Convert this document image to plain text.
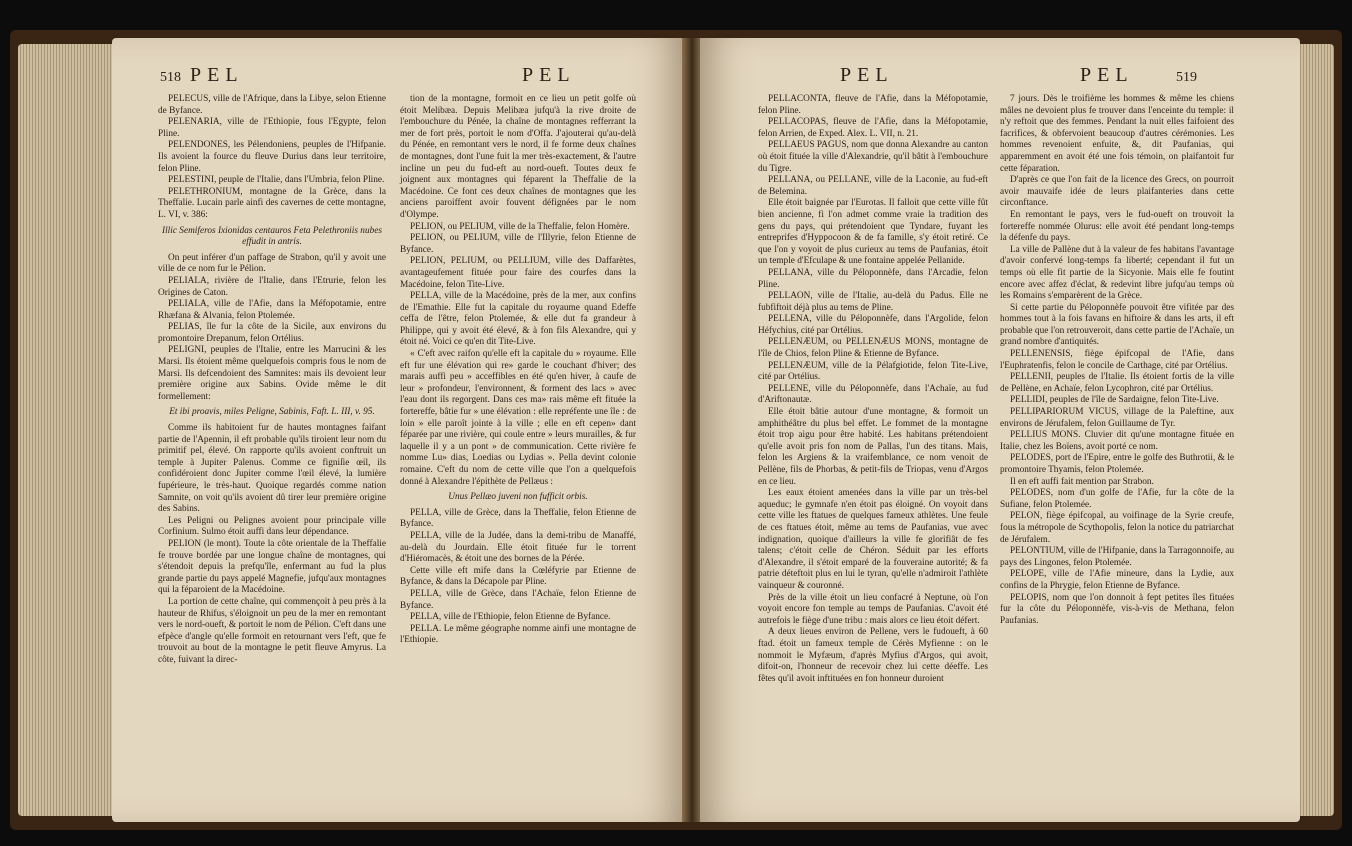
518 PEL	PEL

PELECUS, ville de l'Afrique, dans la Libye, selon Etienne de Byfance.

PELENARIA, ville de l'Ethiopie, fous l'Egypte, felon Pline.

PELENDONES, les Pélendoniens, peuples de l'Hifpanie. Ils avoient la fource du fleuve Durius dans leur territoire, felon Pline.

PELESTINI, peuple de l'Italie, dans l'Umbria, felon Pline.

PELETHRONIUM, montagne de la Grèce, dans la Theffalie. Lucain parle ainfi des cavernes de cette montagne, L. VI, v. 386:

Illic Semiferos Ixionidas centauros Feta Pelethroniis nubes effudit in antris.

On peut inférer d'un paffage de Strabon, qu'il y avoit une ville de ce nom fur le Pélion.

PELIALA, rivière de l'Italie, dans l'Etrurie, felon les Origines de Caton.

PELIALA, ville de l'Afie, dans la Méfopotamie, entre Rhæfana & Alvania, felon Ptolemée.

PELIAS, île fur la côte de la Sicile, aux environs du promontoire Drepanum, felon Ortélius.

PELIGNI, peuples de l'Italie, entre les Marrucini & les Marsi. Ils étoient même quelquefois compris fous le nom de Marsi. Ils defcendoient des Samnites: mais ils devoient leur première origine aux Sabins. Ovide même le dit formellement:

Et ibi proavis, miles Peligne, Sabinis, Faft. L. III, v. 95.

Comme ils habitoient fur de hautes montagnes faifant partie de l'Apennin, il eft probable qu'ils tiroient leur nom du primitif pel, élevé. On rapporte qu'ils avoient conftruit un temple à Jupiter Palenus. Comme ce figniſie œil, ils confidéroient donc Jupiter comme l'œil élevé, la lumière fupérieure, le très-haut. Quoique regardés comme nation Samnite, on voit qu'ils avoient dû tirer leur première origine des Sabins.

Les Peligni ou Pelignes avoient pour principale ville Corfinium. Sulmo étoit auffi dans leur dépendance.

PELION (le mont). Toute la côte orientale de la Theffalie fe trouve bordée par une longue chaîne de montagnes, qui s'étendoit depuis la prefqu'île, enfermant au fud la plus grande partie du pays appelé Magnefie, jufqu'aux montagnes qui la féparoient de la Macédoine.

La portion de cette chaîne, qui commençoit à peu près à la hauteur de Rhifus, s'éloignoit un peu de la mer en remontant vers le nord-oueft, & portoit le nom de Pélion. C'eft dans une efpèce d'angle qu'elle formoit en retournant vers l'eft, que fe trouvoit au bout de la montagne le petit fleuve Amyrus. La côte, fuivant la direc-

tion de la montagne, formoit en ce lieu un petit golfe où étoit Melibæa. Depuis Melibæa jufqu'à la rive droite de l'embouchure du Pénée, la chaîne de montagnes refferrant la mer de fort près, portoit le nom d'Offa. J'ajouterai qu'au-delà du Pénée, en remontant vers le nord, il fe forme deux chaînes de montagnes, dont l'une fuit la mer très-exactement, & l'autre incline un peu du fud-eft au nord-oueft. Toutes deux fe joignent aux montagnes qui féparent la Theffalie de la Macédoine. Ce font ces deux chaînes de montagnes que les anciens paroiffent avoir fouvent défignées par le nom d'Olympe.

PELION, ou PELIUM, ville de la Theffalie, felon Homère.

PELION, ou PELIUM, ville de l'Illyrie, felon Etienne de Byfance.

PELION, PELIUM, ou PELLIUM, ville des Daffarètes, avantageufement fituée pour faire des courfes dans la Macédoine, felon Tite-Live.

PELLA, ville de la Macédoine, près de la mer, aux confins de l'Emathie. Elle fut la capitale du royaume quand Edeffe ceffa de l'être, felon Ptolemée, & elle dut fa grandeur à Philippe, qui y avoit été élevé, & à fon fils Alexandre, qui y étoit né. Voici ce qu'en dit Tite-Live.

« C'eft avec raifon qu'elle eft la capitale du » royaume. Elle eft fur une élévation qui re» garde le couchant d'hiver; des marais auffi peu » acceffibles en été qu'en hiver, à caufe de leur » profondeur, l'environnent, & forment des lacs » avec l'eau dont ils regorgent. Dans ces ma» rais même eft fituée la fortereffe, bâtie fur » une élévation : elle repréfente une île : de loin » elle paroît jointe à la ville ; elle en eft cepen» dant féparée par une rivière, qui coule entre » leurs murailles, & fur laquelle il y a un pont » de communication. Cette rivière fe nomme Lu» dias, Loedias ou Lydias ». Pella devint colonie romaine. C'eft du nom de cette ville que l'on a quelquefois donné à Alexandre l'épithète de Pellæus :

Unus Pellæo juveni non fufficit orbis.

PELLA, ville de Grèce, dans la Theffalie, felon Etienne de Byfance.

PELLA, ville de la Judée, dans la demi-tribu de Manaffé, au-delà du Jourdain. Elle étoit fituée fur le torrent d'Hiéromacès, & étoit une des bornes de la Pérée.

Cette ville eft mife dans la Cœléfyrie par Etienne de Byfance, & dans la Décapole par Pline.

PELLA, ville de Grèce, dans l'Achaïe, felon Etienne de Byfance.

PELLA, ville de l'Ethiopie, felon Etienne de Byfance.

PELLA. Le même géographe nomme ainfi une montagne de l'Ethiopie.

PEL	PEL	519

PELLACONTA, fleuve de l'Afie, dans la Méfopotamie, felon Pline.

PELLACOPAS, fleuve de l'Afie, dans la Méfopotamie, felon Arrien, de Exped. Alex. L. VII, n. 21.

PELLAEUS PAGUS, nom que donna Alexandre au canton où étoit fituée la ville d'Alexandrie, qu'il bâtit à l'embouchure du Tigre.

PELLANA, ou PELLANE, ville de la Laconie, au fud-eft de Belemina.

Elle étoit baignée par l'Eurotas. Il falloit que cette ville fût bien ancienne, fi l'on admet comme vraie la tradition des gens du pays, qui prétendoient que Tyndare, fuyant les entreprifes d'Hyppocoon & de fa famille, s'y étoit retiré. Ce que l'on y voyoit de plus curieux au tems de Paufanias, étoit un temple d'Efculape & une fontaine appelée Pellanide.

PELLANA, ville du Péloponnèfe, dans l'Arcadie, felon Pline.

PELLAON, ville de l'Italie, au-delà du Padus. Elle ne fubfiftoit déjà plus au tems de Pline.

PELLENA, ville du Péloponnèfe, dans l'Argolide, felon Héfychius, cité par Ortélius.

PELLENÆUM, ou PELLENÆUS MONS, montagne de l'île de Chios, felon Pline & Etienne de Byfance.

PELLENÆUM, ville de la Pélafgiotide, felon Tite-Live, cité par Ortélius.

PELLENE, ville du Péloponnèfe, dans l'Achaïe, au fud d'Ariftonautæ.

Elle étoit bâtie autour d'une montagne, & formoit un amphithéâtre du plus bel effet. Le fommet de la montagne étoit trop aigu pour être habité. Les habitans prétendoient qu'elle avoit pris fon nom de Pallas, l'un des titans. Mais, felon les Argiens & la vraifemblance, ce nom venoit de Pellène, fils de Phorbas, & petit-fils de Triopas, venu d'Argos en ce lieu.

Les eaux étoient amenées dans la ville par un très-bel aqueduc; le gymnafe n'en étoit pas éloigné. On voyoit dans cette ville les ftatues de quelques fameux athlètes. Une feule de ces ftatues étoit, même au tems de Paufanias, vue avec indignation, quoique d'ailleurs la ville fe glorifiât de fes talens; c'étoit celle de Chéron. Séduit par les efforts d'Alexandre, il s'étoit emparé de la fouveraine autorité; & fa patrie déteftoit plus en lui le tyran, qu'elle n'admiroit l'athlète vainqueur & couronné.

Près de la ville étoit un lieu confacré à Neptune, où l'on voyoit encore fon temple au temps de Paufanias. C'avoit été autrefois le fiège d'une tribu : mais alors ce lieu étoit défert.

A deux lieues environ de Pellene, vers le fudoueft, à 60 ftad. étoit un fameux temple de Cérès Myfienne : on le nommoit le Myfæum, d'après Myfius d'Argos, qui avoit, difoit-on, l'honneur de recevoir chez lui cette déeffe. Les fêtes qu'il avoit inftituées en fon honneur duroient

7 jours. Dès le troifième les hommes & même les chiens mâles ne devoient plus fe trouver dans l'enceinte du temple: il n'y reftoit que des femmes. Pendant la nuit elles faifoient des facrifices, & obfervoient beaucoup d'autres cérémonies. Les hommes revenoient enfuite, &, dit Paufanias, qui apparemment en avoit été une fois témoin, on plaifantoit fur cette féparation.

D'après ce que l'on fait de la licence des Grecs, on pourroit avoir mauvaife idée de leurs plaifanteries dans cette circonftance.

En remontant le pays, vers le fud-oueft on trouvoit la fortereffe nommée Olurus: elle avoit été pendant long-temps la défenfe du pays.

La ville de Pallène dut à la valeur de fes habitans l'avantage d'avoir confervé long-temps fa liberté; cependant il fut un temps où elle fit partie de la Sicyonie. Mais elle fe foutint encore avec affez d'éclat, & redevint libre jufqu'au temps où les Romains s'emparèrent de la Grèce.

Si cette partie du Péloponnèfe pouvoit être vifitée par des hommes tout à la fois favans en hiftoire & dans les arts, il eft probable que l'on retrouveroit, dans cette partie de l'Achaïe, un grand nombre d'antiquités.

PELLENENSIS, fiège épifcopal de l'Afie, dans l'Euphratenfis, felon le concile de Carthage, cité par Ortélius.

PELLENII, peuples de l'Italie. Ils étoient fortis de la ville de Pellène, en Achaïe, felon Lycophron, cité par Ortélius.

PELLIDI, peuples de l'île de Sardaigne, felon Tite-Live.

PELLIPARIORUM VICUS, village de la Paleftine, aux environs de Jérufalem, felon Guillaume de Tyr.

PELLIUS MONS. Cluvier dit qu'une montagne fituée en Italie, chez les Boïens, avoit porté ce nom.

PELODES, port de l'Epire, entre le golfe des Buthrotii, & le promontoire Thyamis, felon Ptolemée.

Il en eft auffi fait mention par Strabon.

PELODES, nom d'un golfe de l'Afie, fur la côte de la Sufiane, felon Ptolemée.

PELON, fiège épifcopal, au voifinage de la Syrie creufe, fous la métropole de Scythopolis, felon la notice du patriarchat de Jérufalem.

PELONTIUM, ville de l'Hifpanie, dans la Tarragonnoife, au pays des Lingones, felon Ptolemée.

PELOPE, ville de l'Afie mineure, dans la Lydie, aux confins de la Phrygie, felon Etienne de Byfance.

PELOPIS, nom que l'on donnoit à fept petites îles fituées fur la côte du Péloponnèfe, vis-à-vis de Methana, felon Paufanias.
